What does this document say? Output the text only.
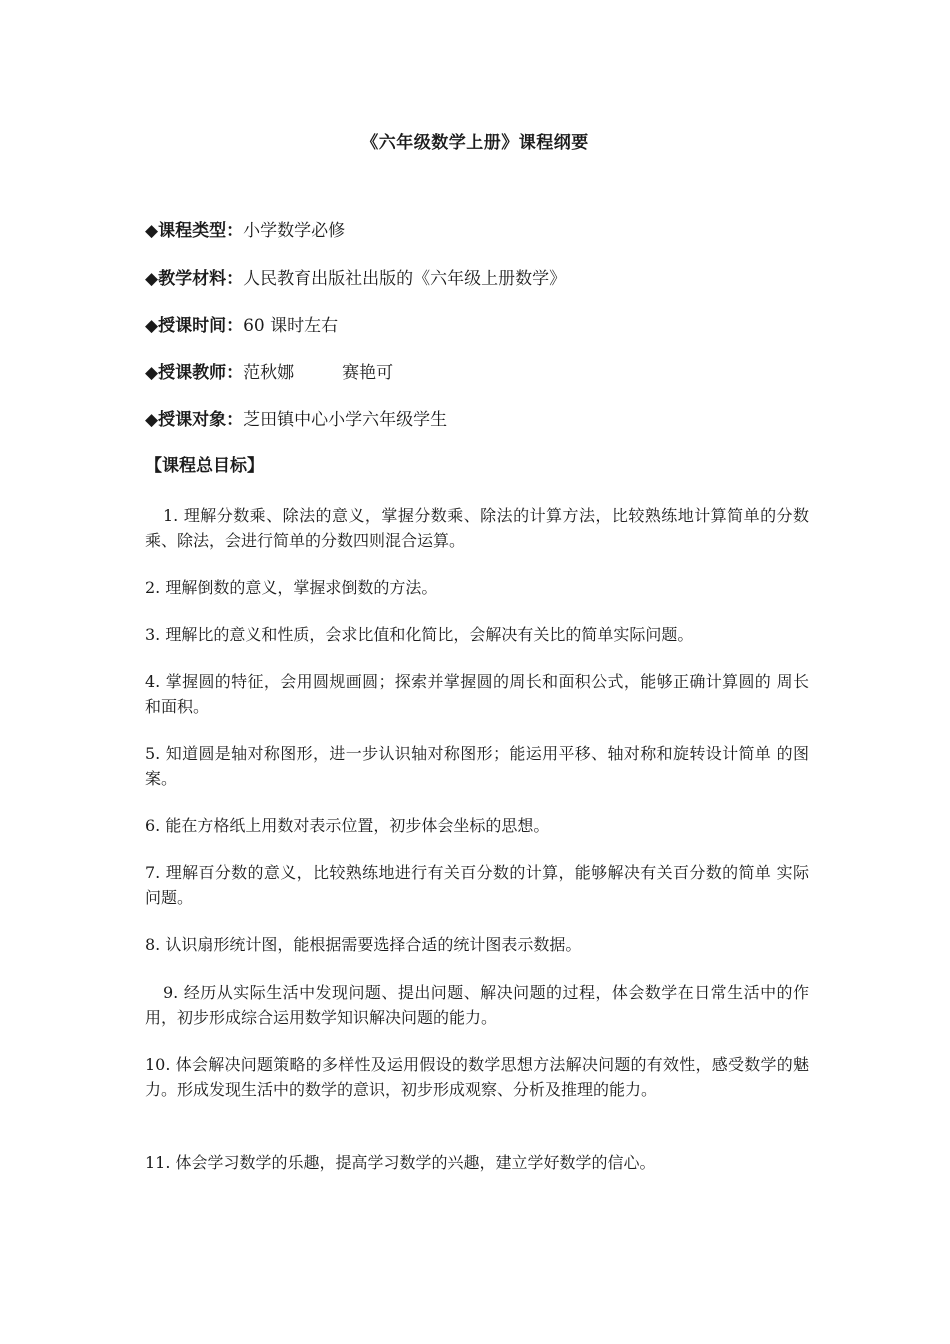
《六年级数学上册》课程纲要
◆课程类型：小学数学必修
◆教学材料：人民教育出版社出版的《六年级上册数学》
◆授课时间：60 课时左右
◆授课教师：范秋娜	赛艳可
◆授课对象：芝田镇中心小学六年级学生
【课程总目标】

1. 理解分数乘、除法的意义，掌握分数乘、除法的计算方法，比较熟练地计算简单的分数乘、除法，会进行简单的分数四则混合运算。

2. 理解倒数的意义，掌握求倒数的方法。

3. 理解比的意义和性质，会求比值和化简比，会解决有关比的简单实际问题。

4. 掌握圆的特征，会用圆规画圆；探索并掌握圆的周长和面积公式，能够正确计算圆的 周长和面积。

5. 知道圆是轴对称图形，进一步认识轴对称图形；能运用平移、轴对称和旋转设计简单 的图案。

6. 能在方格纸上用数对表示位置，初步体会坐标的思想。

7. 理解百分数的意义，比较熟练地进行有关百分数的计算，能够解决有关百分数的简单 实际问题。

8. 认识扇形统计图，能根据需要选择合适的统计图表示数据。

9. 经历从实际生活中发现问题、提出问题、解决问题的过程，体会数学在日常生活中的作用，初步形成综合运用数学知识解决问题的能力。

10. 体会解决问题策略的多样性及运用假设的数学思想方法解决问题的有效性，感受数学的魅力。形成发现生活中的数学的意识，初步形成观察、分析及推理的能力。

11. 体会学习数学的乐趣，提高学习数学的兴趣，建立学好数学的信心。
